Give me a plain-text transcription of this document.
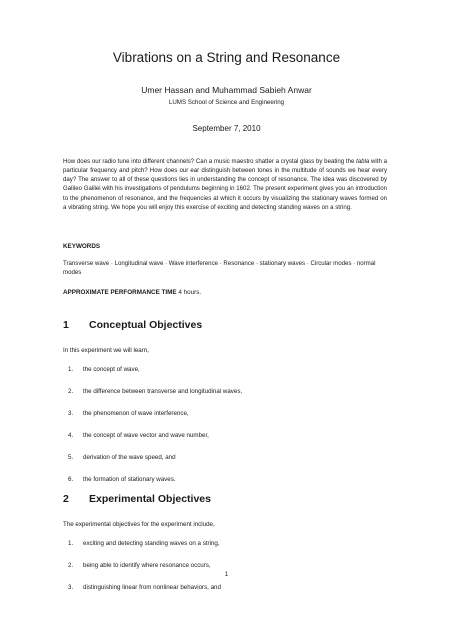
Vibrations on a String and Resonance
Umer Hassan and Muhammad Sabieh Anwar
LUMS School of Science and Engineering
September 7, 2010

How does our radio tune into different channels? Can a music maestro shatter a crystal glass by beating the tabla with a particular frequency and pitch? How does our ear distinguish between tones in the multitude of sounds we hear every day? The answer to all of these questions lies in understanding the concept of resonance. The idea was discovered by Galileo Galilei with his investigations of pendulums beginning in 1602. The present experiment gives you an introduction to the phenomenon of resonance, and the frequencies at which it occurs by visualizing the stationary waves formed on a vibrating string. We hope you will enjoy this exercise of exciting and detecting standing waves on a string.

KEYWORDS

Transverse wave · Longitudinal wave · Wave interference · Resonance · stationary waves · Circular modes · normal modes

APPROXIMATE PERFORMANCE TIME 4 hours.
1 Conceptual Objectives
In this experiment we will learn,
1. the concept of wave,
2. the difference between transverse and longitudinal waves,
3. the phenomenon of wave interference,
4. the concept of wave vector and wave number,
5. derivation of the wave speed, and
6. the formation of stationary waves.
2 Experimental Objectives
The experimental objectives for the experiment include,
1. exciting and detecting standing waves on a string,
2. being able to identify where resonance occurs,
3. distinguishing linear from nonlinear behaviors, and
1
